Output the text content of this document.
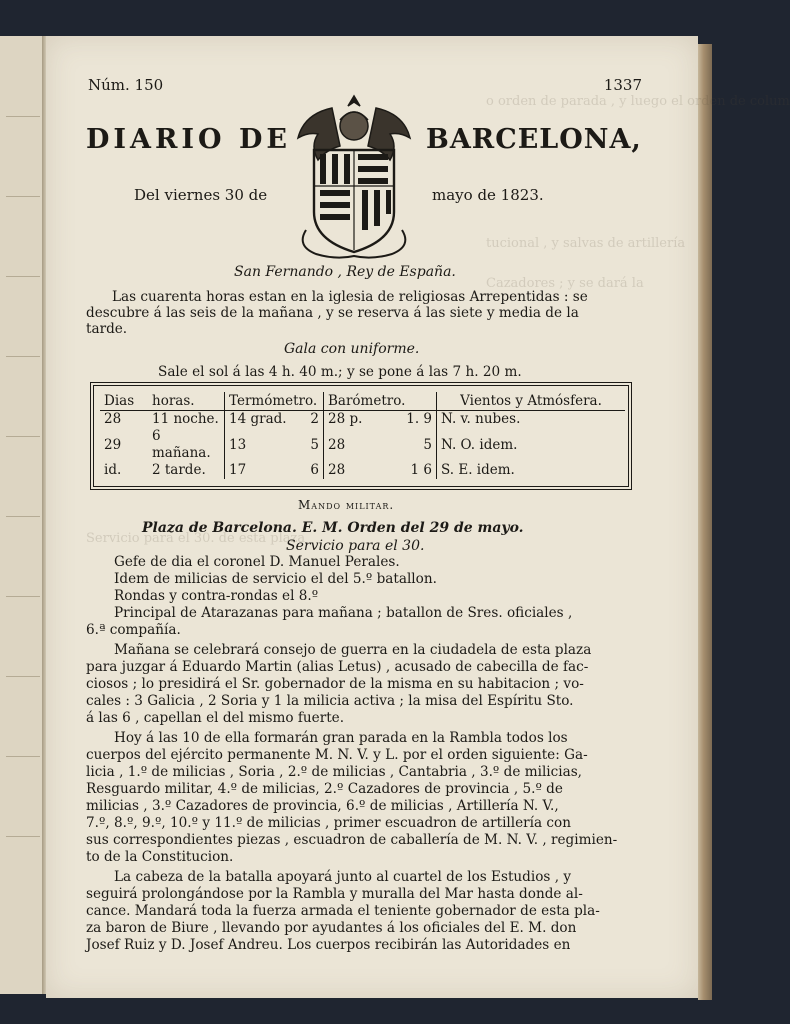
o orden de parada , y luego el orden de colum
tucional , y salvas de artillería
Cazadores ; y se dará la
Servicio para el 30. de esta plaza
Núm. 150	1337
DIARIO DE	BARCELONA,
Del viernes 30 de	mayo de 1823.
San Fernando , Rey de España.
Las cuarenta horas estan en la iglesia de religiosas Arrepentidas : se
descubre á las seis de la mañana , y se reserva á las siete y media de la
tarde.
Gala con uniforme.
Sale el sol á las 4 h. 40 m.; y se pone á las 7 h. 20 m.
Dias	horas.	Termómetro.		Barómetro.		Vientos y Atmósfera.
28	11 noche.	14 grad.	2	28 p.	1. 9	N. v. nubes.
29	6 mañana.	13	5	28	5	N. O. idem.
id.	2 tarde.	17	6	28	1 6	S. E. idem.
Mando militar.
Plaza de Barcelona. E. M. Orden del 29 de mayo.
Servicio para el 30.
Gefe de dia el coronel D. Manuel Perales.
Idem de milicias de servicio el del 5.º batallon.
Rondas y contra-rondas el 8.º
Principal de Atarazanas para mañana ; batallon de Sres. oficiales ,
6.ª compañía.
Mañana se celebrará consejo de guerra en la ciudadela de esta plaza
para juzgar á Eduardo Martin (alias Letus) , acusado de cabecilla de fac-
ciosos ; lo presidirá el Sr. gobernador de la misma en su habitacion ; vo-
cales : 3 Galicia , 2 Soria y 1 la milicia activa ; la misa del Espíritu Sto.
á las 6 , capellan el del mismo fuerte.
Hoy á las 10 de ella formarán gran parada en la Rambla todos los
cuerpos del ejército permanente M. N. V. y L. por el orden siguiente: Ga-
licia , 1.º de milicias , Soria , 2.º de milicias , Cantabria , 3.º de milicias,
Resguardo militar, 4.º de milicias, 2.º Cazadores de provincia , 5.º de
milicias , 3.º Cazadores de provincia, 6.º de milicias , Artillería N. V.,
7.º, 8.º, 9.º, 10.º y 11.º de milicias , primer escuadron de artillería con
sus correspondientes piezas , escuadron de caballería de M. N. V. , regimien-
to de la Constitucion.
La cabeza de la batalla apoyará junto al cuartel de los Estudios , y
seguirá prolongándose por la Rambla y muralla del Mar hasta donde al-
cance. Mandará toda la fuerza armada el teniente gobernador de esta pla-
za baron de Biure , llevando por ayudantes á los oficiales del E. M. don
Josef Ruiz y D. Josef Andreu. Los cuerpos recibirán las Autoridades en
